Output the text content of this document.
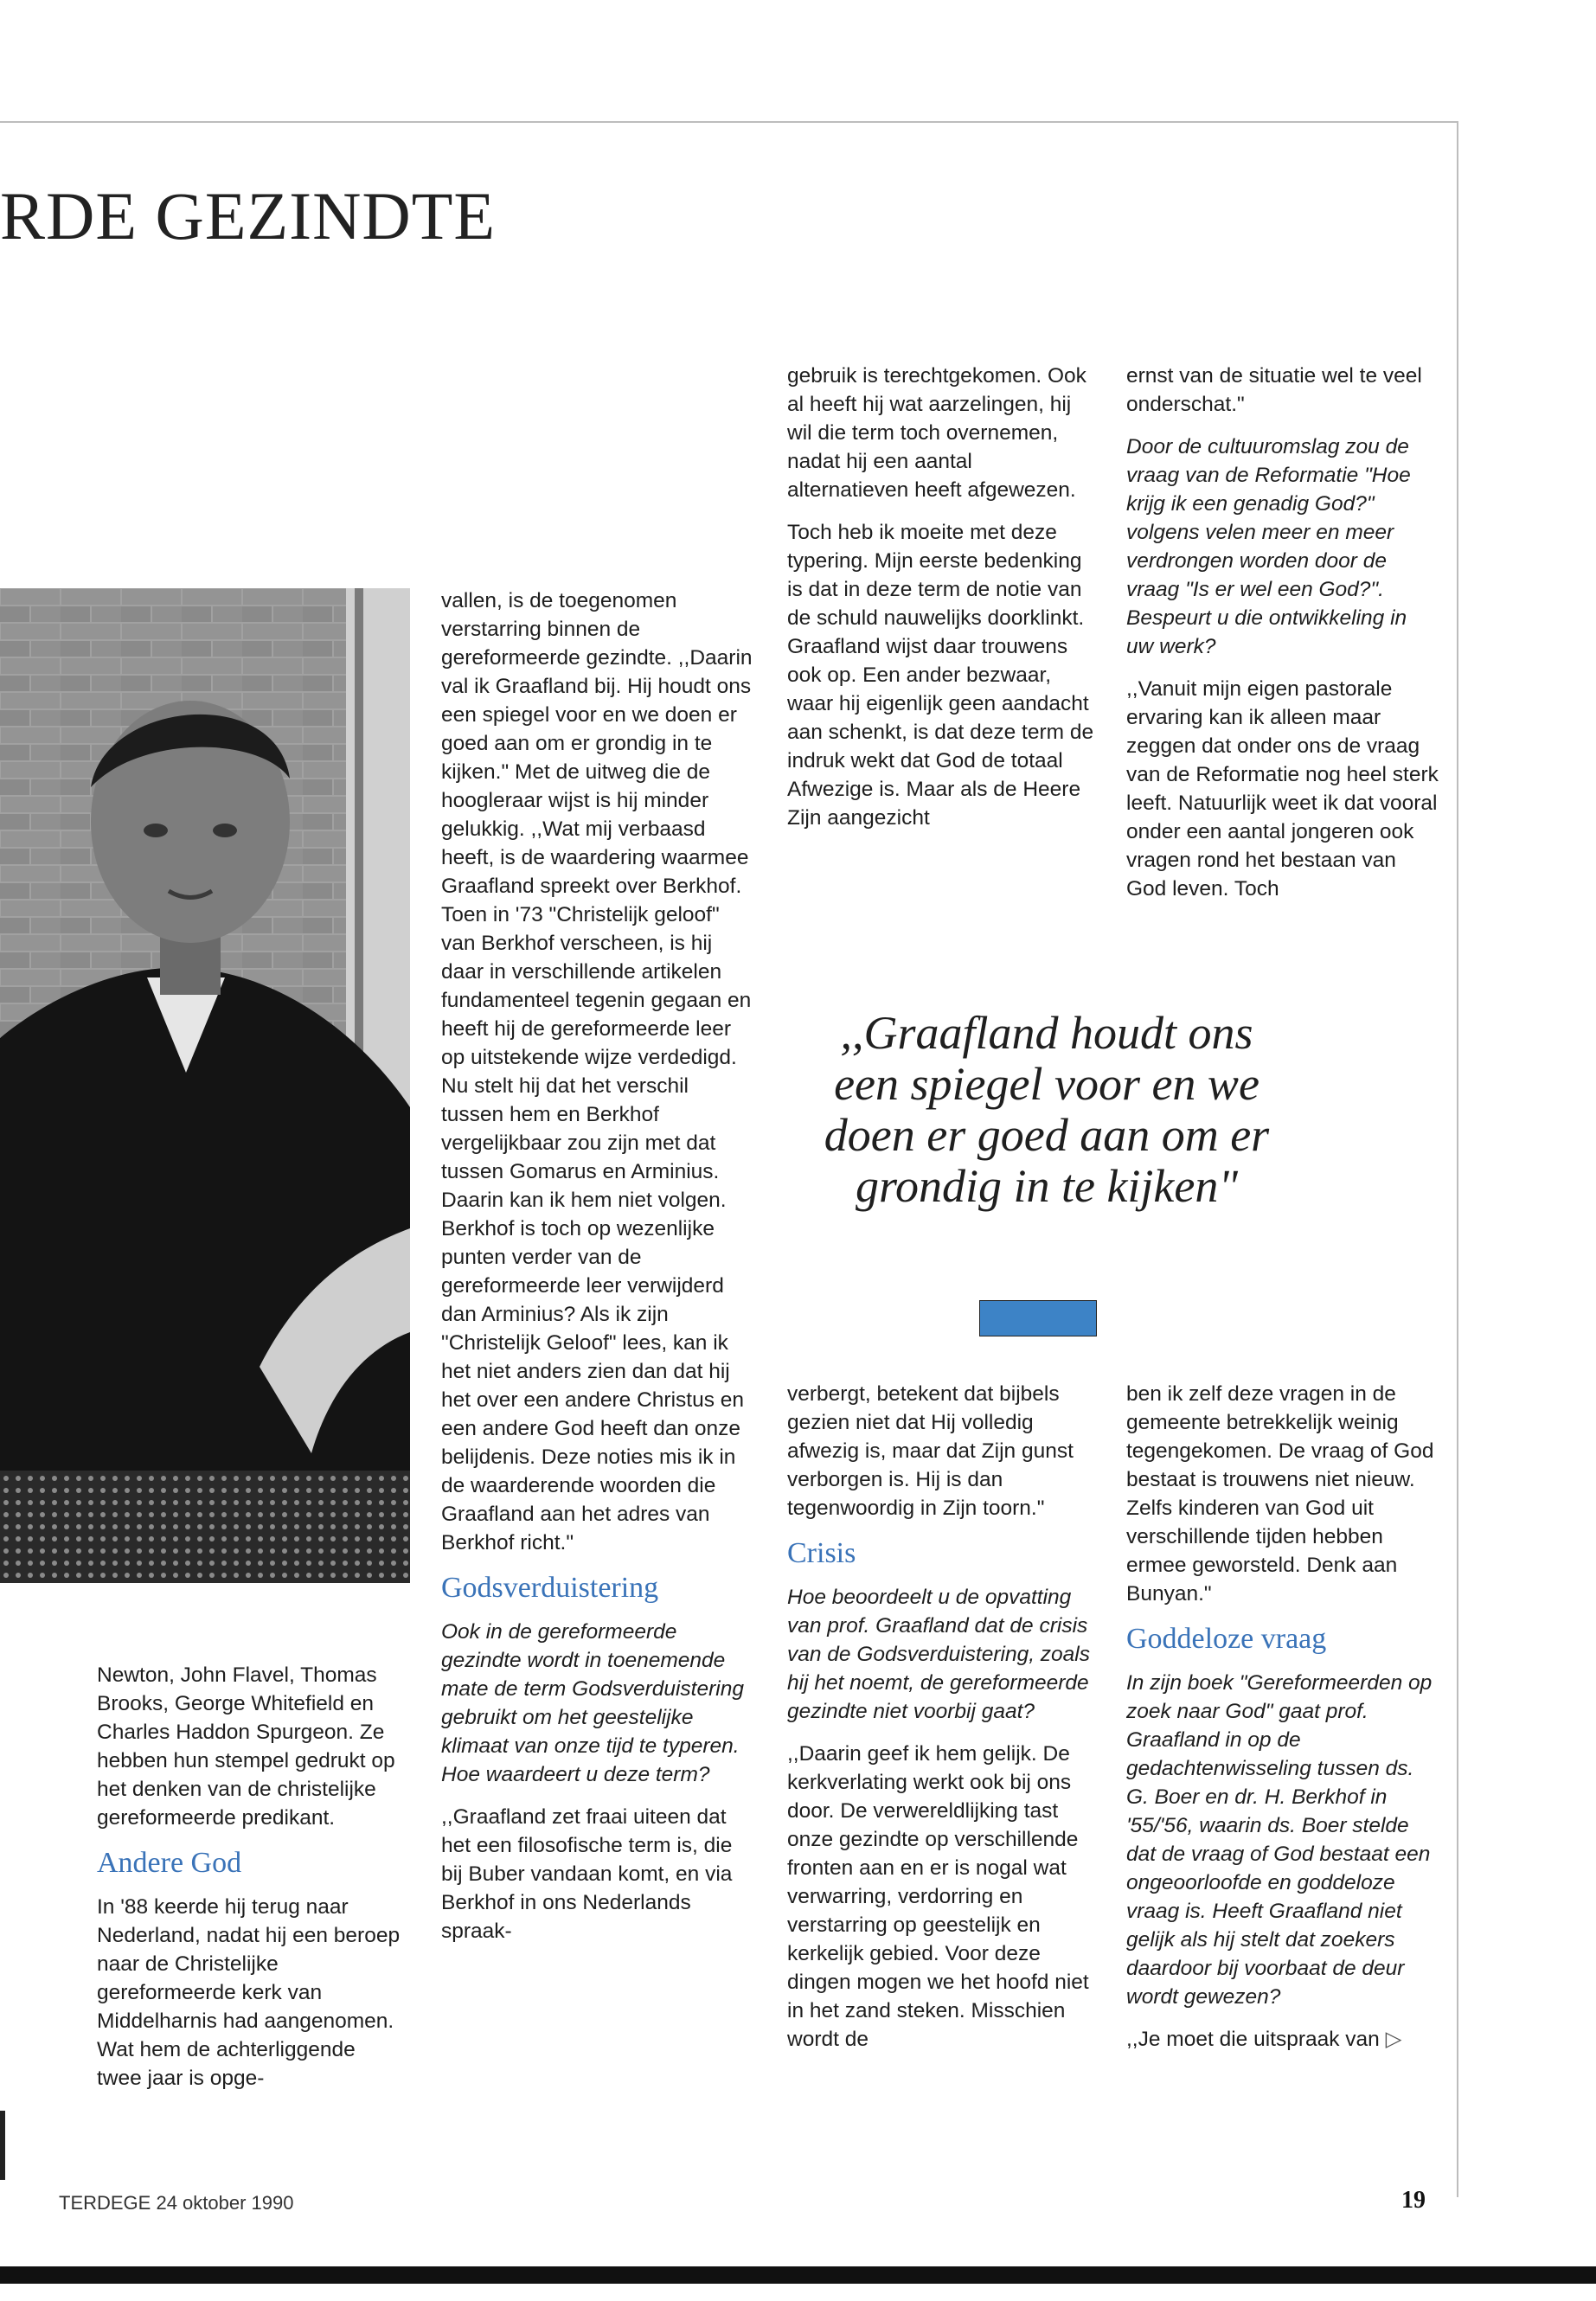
RDE GEZINDTE

Newton, John Flavel, Thomas Brooks, George Whitefield en Charles Haddon Spurgeon. Ze hebben hun stempel gedrukt op het denken van de christelijke gereformeerde predikant.

Andere God

In '88 keerde hij terug naar Nederland, nadat hij een beroep naar de Christelijke gereformeerde kerk van Middelharnis had aangenomen. Wat hem de achterliggende twee jaar is opge-

vallen, is de toegenomen verstarring binnen de gereformeerde gezindte. ,,Daarin val ik Graafland bij. Hij houdt ons een spiegel voor en we doen er goed aan om er grondig in te kijken." Met de uitweg die de hoogleraar wijst is hij minder gelukkig. ,,Wat mij verbaasd heeft, is de waardering waarmee Graafland spreekt over Berkhof. Toen in '73 "Christelijk geloof" van Berkhof verscheen, is hij daar in verschillende artikelen fundamenteel tegenin gegaan en heeft hij de gereformeerde leer op uitstekende wijze verdedigd. Nu stelt hij dat het verschil tussen hem en Berkhof vergelijkbaar zou zijn met dat tussen Gomarus en Arminius. Daarin kan ik hem niet volgen. Berkhof is toch op wezenlijke punten verder van de gereformeerde leer verwijderd dan Arminius? Als ik zijn "Christelijk Geloof" lees, kan ik het niet anders zien dan dat hij het over een andere Christus en een andere God heeft dan onze belijdenis. Deze noties mis ik in de waarderende woorden die Graafland aan het adres van Berkhof richt."

Godsverduistering

Ook in de gereformeerde gezindte wordt in toenemende mate de term Godsverduistering gebruikt om het geestelijke klimaat van onze tijd te typeren. Hoe waardeert u deze term?

,,Graafland zet fraai uiteen dat het een filosofische term is, die bij Buber vandaan komt, en via Berkhof in ons Nederlands spraak-

gebruik is terechtgekomen. Ook al heeft hij wat aarzelingen, hij wil die term toch overnemen, nadat hij een aantal alternatieven heeft afgewezen.

Toch heb ik moeite met deze typering. Mijn eerste bedenking is dat in deze term de notie van de schuld nauwelijks doorklinkt. Graafland wijst daar trouwens ook op. Een ander bezwaar, waar hij eigenlijk geen aandacht aan schenkt, is dat deze term de indruk wekt dat God de totaal Afwezige is. Maar als de Heere Zijn aangezicht

ernst van de situatie wel te veel onderschat."

Door de cultuuromslag zou de vraag van de Reformatie "Hoe krijg ik een genadig God?" volgens velen meer en meer verdrongen worden door de vraag "Is er wel een God?". Bespeurt u die ontwikkeling in uw werk?

,,Vanuit mijn eigen pastorale ervaring kan ik alleen maar zeggen dat onder ons de vraag van de Reformatie nog heel sterk leeft. Natuurlijk weet ik dat vooral onder een aantal jongeren ook vragen rond het bestaan van God leven. Toch

,,Graafland houdt ons
een spiegel voor en we
doen er goed aan om er
grondig in te kijken"

verbergt, betekent dat bijbels gezien niet dat Hij volledig afwezig is, maar dat Zijn gunst verborgen is. Hij is dan tegenwoordig in Zijn toorn."

Crisis

Hoe beoordeelt u de opvatting van prof. Graafland dat de crisis van de Godsverduistering, zoals hij het noemt, de gereformeerde gezindte niet voorbij gaat?

,,Daarin geef ik hem gelijk. De kerkverlating werkt ook bij ons door. De verwereldlijking tast onze gezindte op verschillende fronten aan en er is nogal wat verwarring, verdorring en verstarring op geestelijk en kerkelijk gebied. Voor deze dingen mogen we het hoofd niet in het zand steken. Misschien wordt de

ben ik zelf deze vragen in de gemeente betrekkelijk weinig tegengekomen. De vraag of God bestaat is trouwens niet nieuw. Zelfs kinderen van God uit verschillende tijden hebben ermee geworsteld. Denk aan Bunyan."

Goddeloze vraag

In zijn boek "Gereformeerden op zoek naar God" gaat prof. Graafland in op de gedachtenwisseling tussen ds. G. Boer en dr. H. Berkhof in '55/'56, waarin ds. Boer stelde dat de vraag of God bestaat een ongeoorloofde en goddeloze vraag is. Heeft Graafland niet gelijk als hij stelt dat zoekers daardoor bij voorbaat de deur wordt gewezen?

,,Je moet die uitspraak van ▷

TERDEGE 24 oktober 1990	19
